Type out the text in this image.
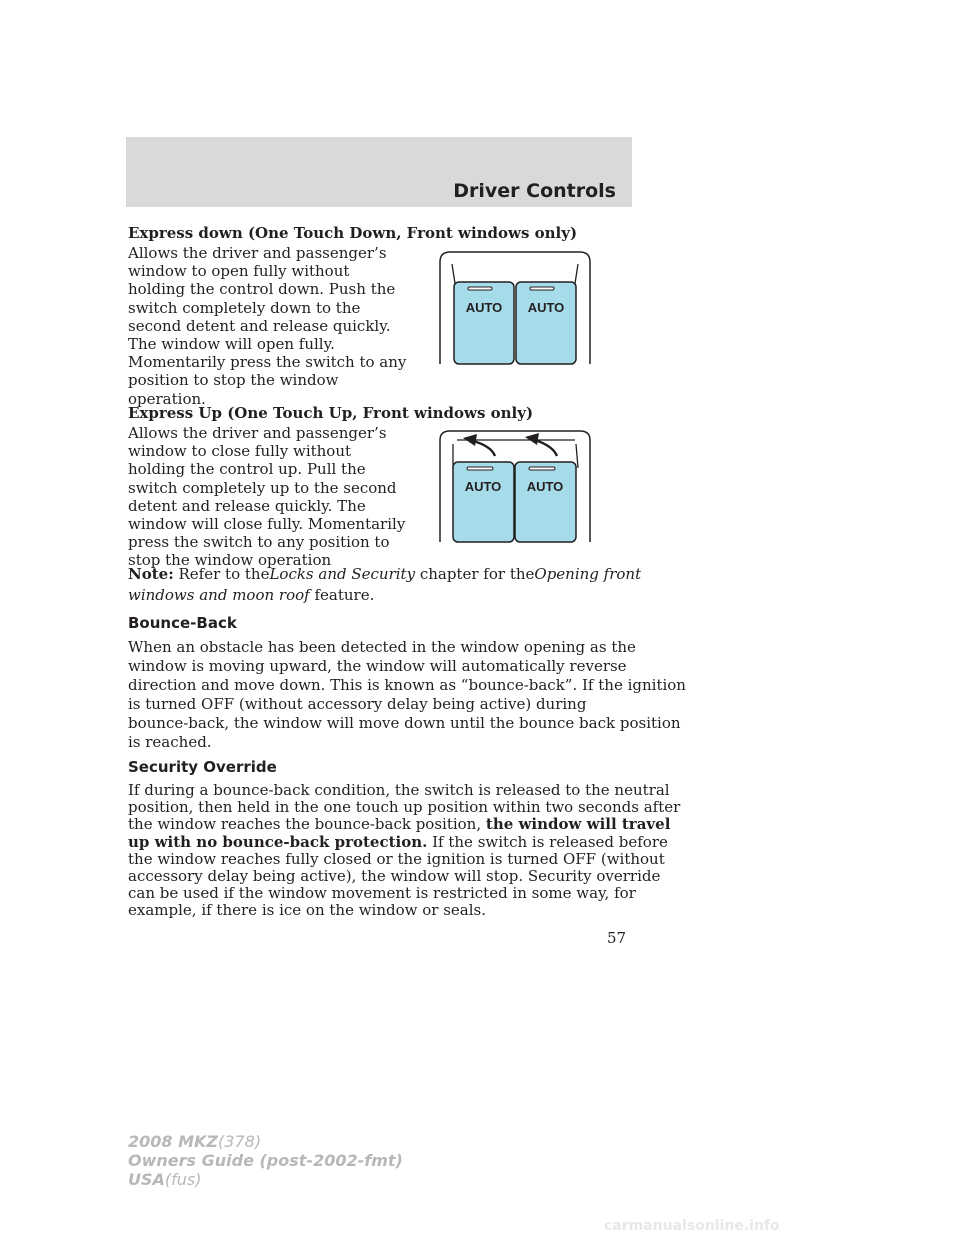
Driver Controls

Express down (One Touch Down, Front windows only)

Allows the driver and passenger’s
window to open fully without
holding the control down. Push the
switch completely down to the
second detent and release quickly.
The window will open fully.
Momentarily press the switch to any
position to stop the window
operation.

AUTO AUTO

Express Up (One Touch Up, Front windows only)

Allows the driver and passenger’s
window to close fully without
holding the control up. Pull the
switch completely up to the second
detent and release quickly. The
window will close fully. Momentarily
press the switch to any position to
stop the window operation

AUTO AUTO

Note: Refer to theLocks and Security chapter for theOpening front
windows and moon roof feature.

Bounce-Back

When an obstacle has been detected in the window opening as the
window is moving upward, the window will automatically reverse
direction and move down. This is known as “bounce-back”. If the ignition
is turned OFF (without accessory delay being active) during
bounce-back, the window will move down until the bounce back position
is reached.

Security Override

If during a bounce-back condition, the switch is released to the neutral
position, then held in the one touch up position within two seconds after
the window reaches the bounce-back position, the window will travel
up with no bounce-back protection. If the switch is released before
the window reaches fully closed or the ignition is turned OFF (without
accessory delay being active), the window will stop. Security override
can be used if the window movement is restricted in some way, for
example, if there is ice on the window or seals.

57
2008 MKZ(378)
Owners Guide (post-2002-fmt)
USA(fus)
carmanualsonline.info
